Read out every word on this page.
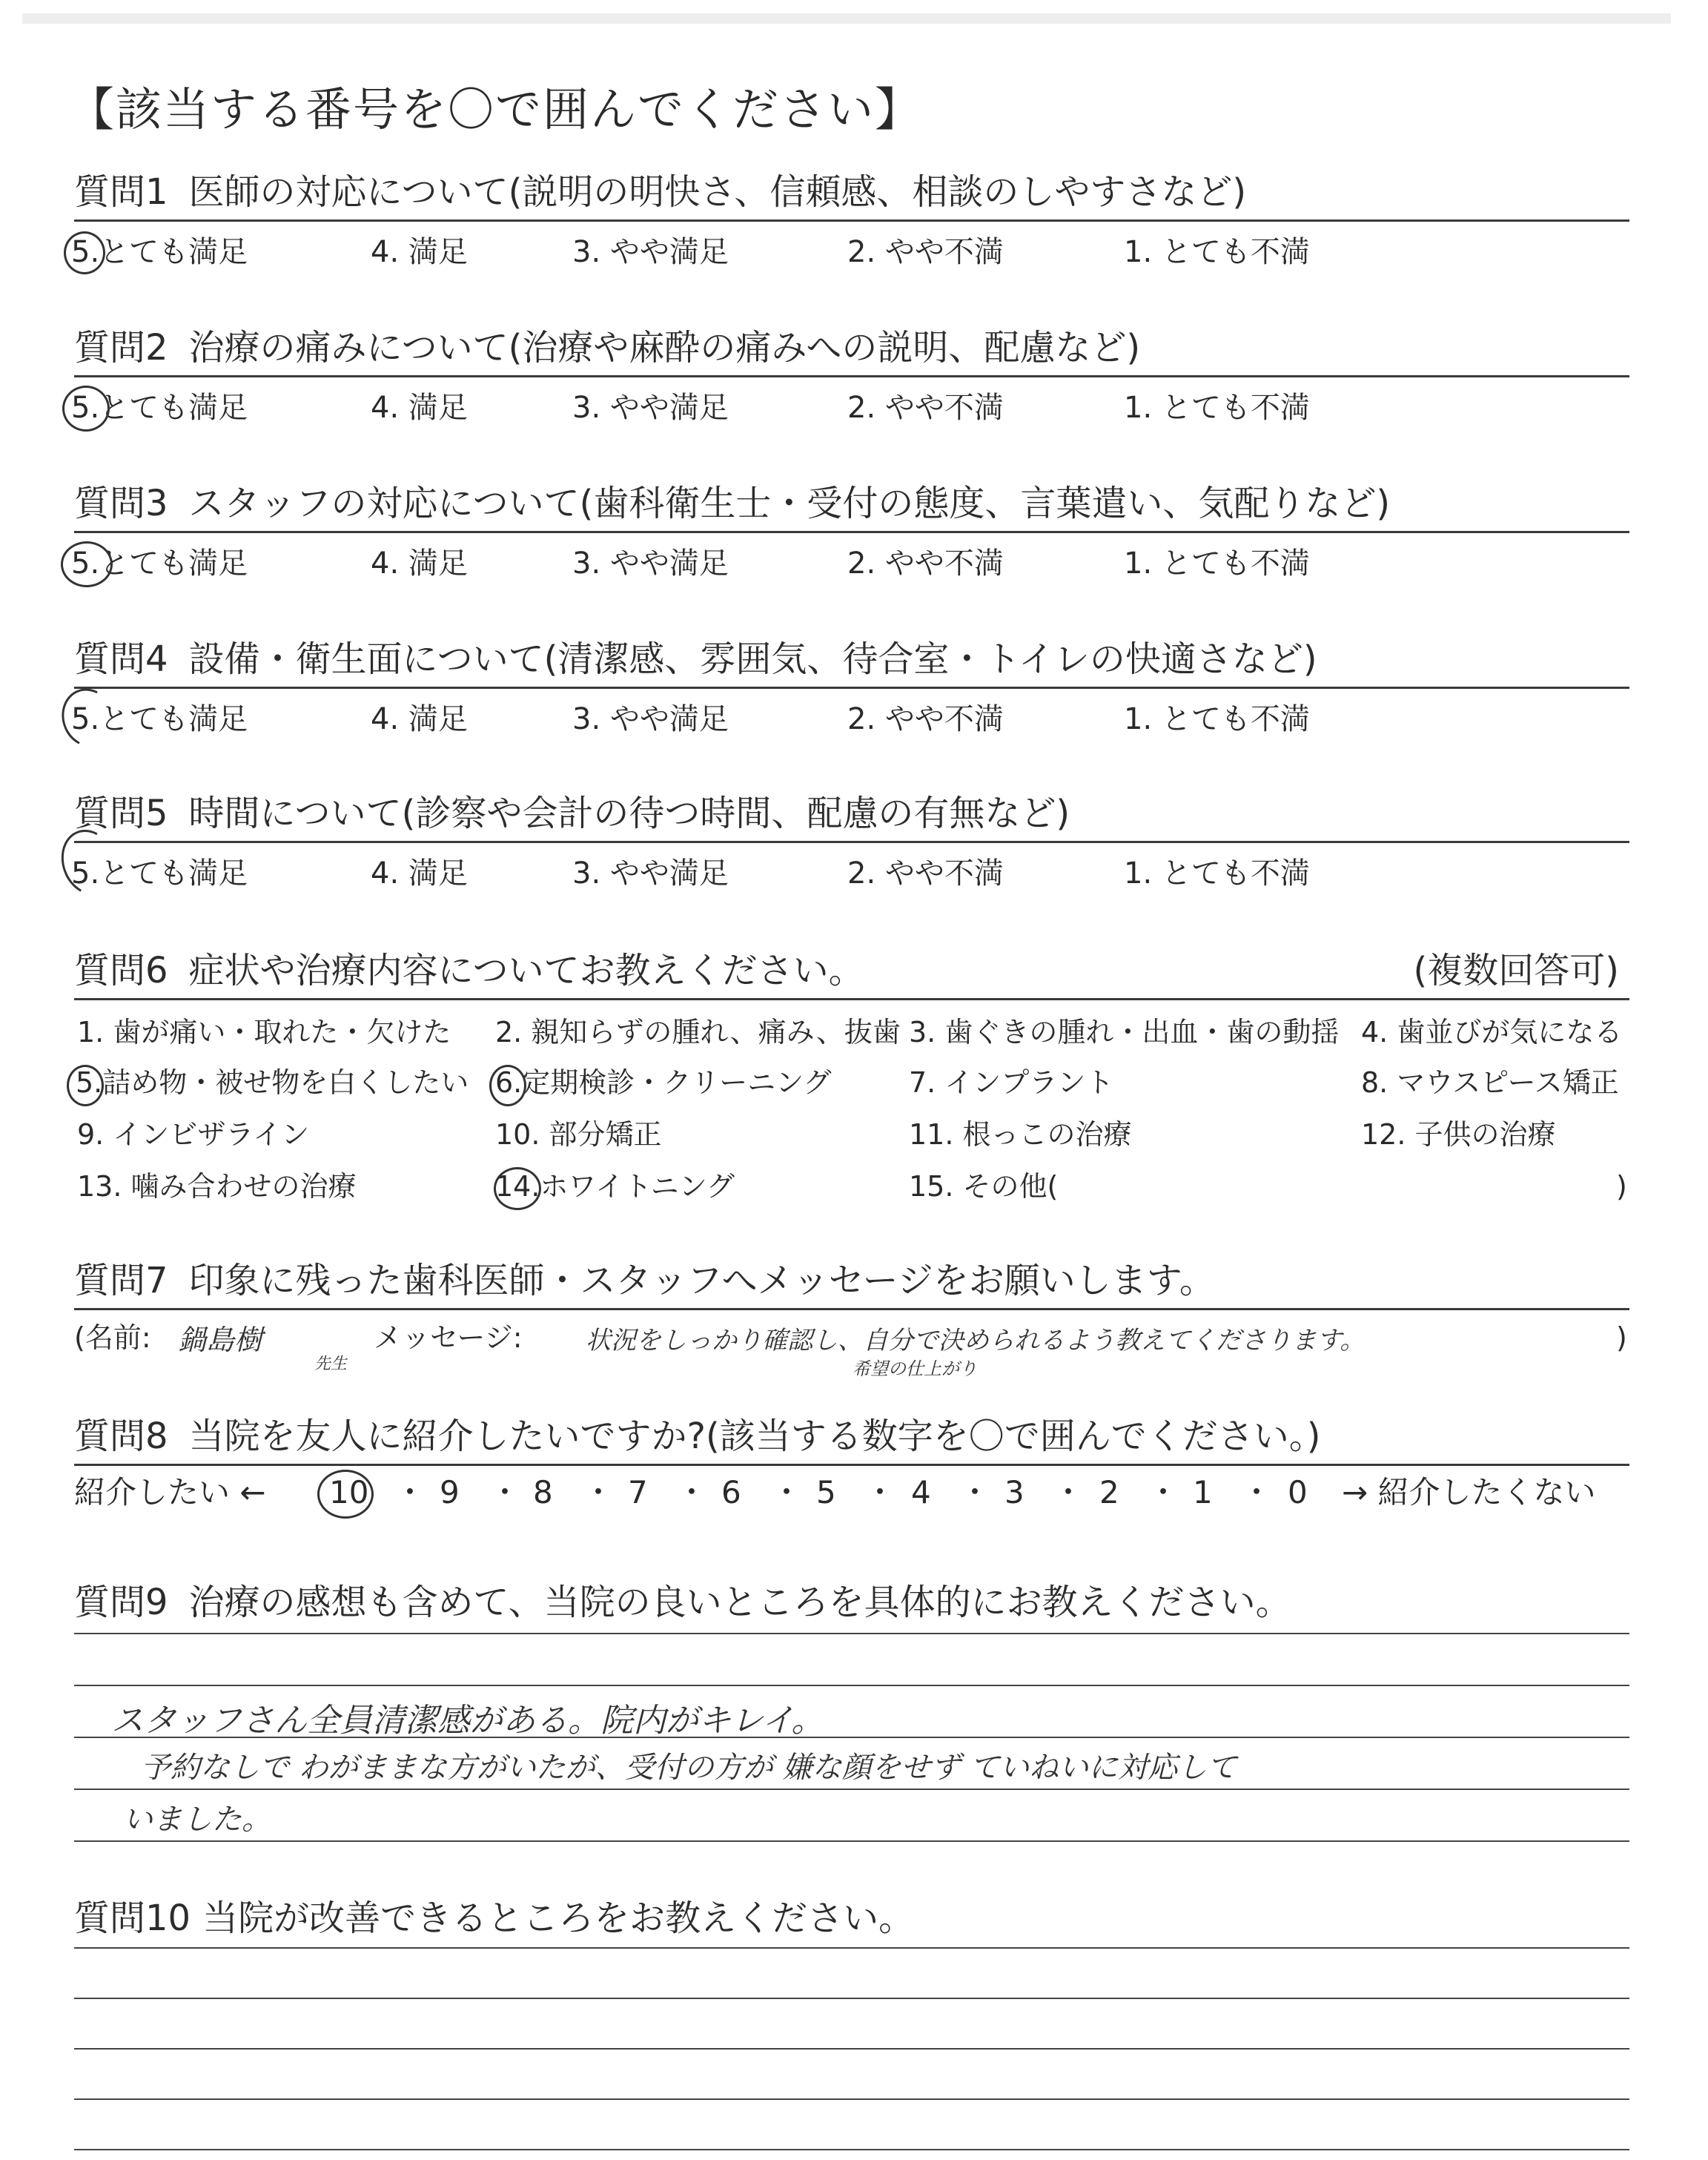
【該当する番号を〇で囲んでください】
質問1 医師の対応について(説明の明快さ、信頼感、相談のしやすさなど)
5.とても満足	4. 満足	3. やや満足	2. やや不満	1. とても不満
質問2 治療の痛みについて(治療や麻酔の痛みへの説明、配慮など)
5.とても満足	4. 満足	3. やや満足	2. やや不満	1. とても不満
質問3 スタッフの対応について(歯科衛生士・受付の態度、言葉遣い、気配りなど)
5.とても満足	4. 満足	3. やや満足	2. やや不満	1. とても不満
質問4 設備・衛生面について(清潔感、雰囲気、待合室・トイレの快適さなど)
5.とても満足	4. 満足	3. やや満足	2. やや不満	1. とても不満
質問5 時間について(診察や会計の待つ時間、配慮の有無など)
5.とても満足	4. 満足	3. やや満足	2. やや不満	1. とても不満
質問6 症状や治療内容についてお教えください。	(複数回答可)
1. 歯が痛い・取れた・欠けた 2. 親知らずの腫れ、痛み、抜歯 3. 歯ぐきの腫れ・出血・歯の動揺 4. 歯並びが気になる
5.詰め物・被せ物を白くしたい 6.定期検診・クリーニング	7. インプラント	8. マウスピース矯正
9. インビザライン	10. 部分矯正	11. 根っこの治療	12. 子供の治療
13. 噛み合わせの治療	14.ホワイトニング	15. その他(	)
質問7 印象に残った歯科医師・スタッフへメッセージをお願いします。
(名前: 鍋島樹
先生
メッセージ:	状況をしっかり確認し、自分で決められるよう教えてくださります。
希望の仕上がり
)
質問8 当院を友人に紹介したいですか?(該当する数字を〇で囲んでください。)
紹介したい ← 10 ・ 9 ・ 8 ・ 7 ・ 6 ・ 5 ・ 4 ・ 3 ・ 2 ・ 1 ・ 0 → 紹介したくない
質問9 治療の感想も含めて、当院の良いところを具体的にお教えください。
スタッフさん全員清潔感がある。院内がキレイ。
予約なしで わがままな方がいたが、受付の方が 嫌な顔をせず ていねいに対応して
いました。
質問10 当院が改善できるところをお教えください。
